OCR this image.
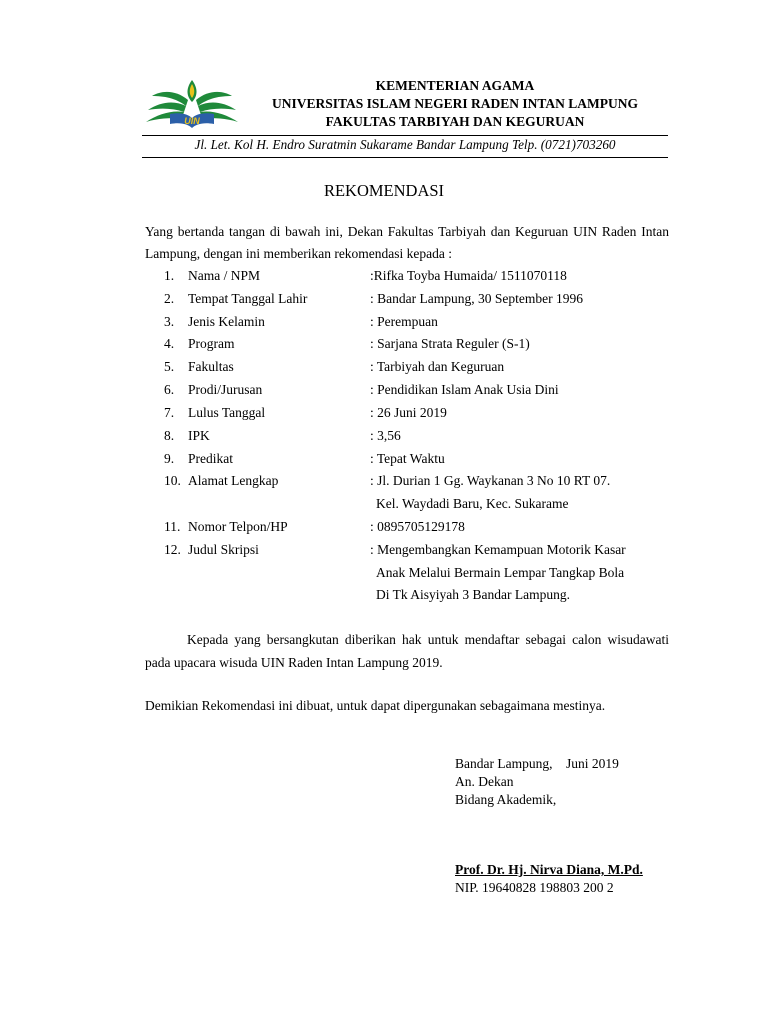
UIN
KEMENTERIAN AGAMA
UNIVERSITAS ISLAM NEGERI RADEN INTAN LAMPUNG
FAKULTAS TARBIYAH DAN KEGURUAN
Jl. Let. Kol H. Endro Suratmin Sukarame Bandar Lampung Telp. (0721)703260
REKOMENDASI
Yang bertanda tangan di bawah ini, Dekan Fakultas Tarbiyah dan Keguruan UIN Raden Intan Lampung, dengan ini memberikan rekomendasi kepada :
1.	Nama / NPM	:Rifka Toyba Humaida/ 1511070118
2.	Tempat Tanggal Lahir	: Bandar Lampung, 30 September 1996
3.	Jenis Kelamin	: Perempuan
4.	Program	: Sarjana Strata Reguler (S-1)
5.	Fakultas	: Tarbiyah dan Keguruan
6.	Prodi/Jurusan	: Pendidikan Islam Anak Usia Dini
7.	Lulus Tanggal	: 26 Juni 2019
8.	IPK	: 3,56
9.	Predikat	: Tepat Waktu
10. Alamat Lengkap	: Jl. Durian 1 Gg. Waykanan 3 No 10 RT 07.
Kel. Waydadi Baru, Kec. Sukarame
11. Nomor Telpon/HP	: 0895705129178
12. Judul Skripsi	: Mengembangkan Kemampuan Motorik Kasar
Anak Melalui Bermain Lempar Tangkap Bola
Di Tk Aisyiyah 3 Bandar Lampung.
Kepada yang bersangkutan diberikan hak untuk mendaftar sebagai calon wisudawati pada upacara wisuda UIN Raden Intan Lampung 2019.
Demikian Rekomendasi ini dibuat, untuk dapat dipergunakan sebagaimana mestinya.
Bandar Lampung,    Juni 2019
An. Dekan
Bidang Akademik,
Prof. Dr. Hj. Nirva Diana, M.Pd.
NIP. 19640828 198803 200 2
